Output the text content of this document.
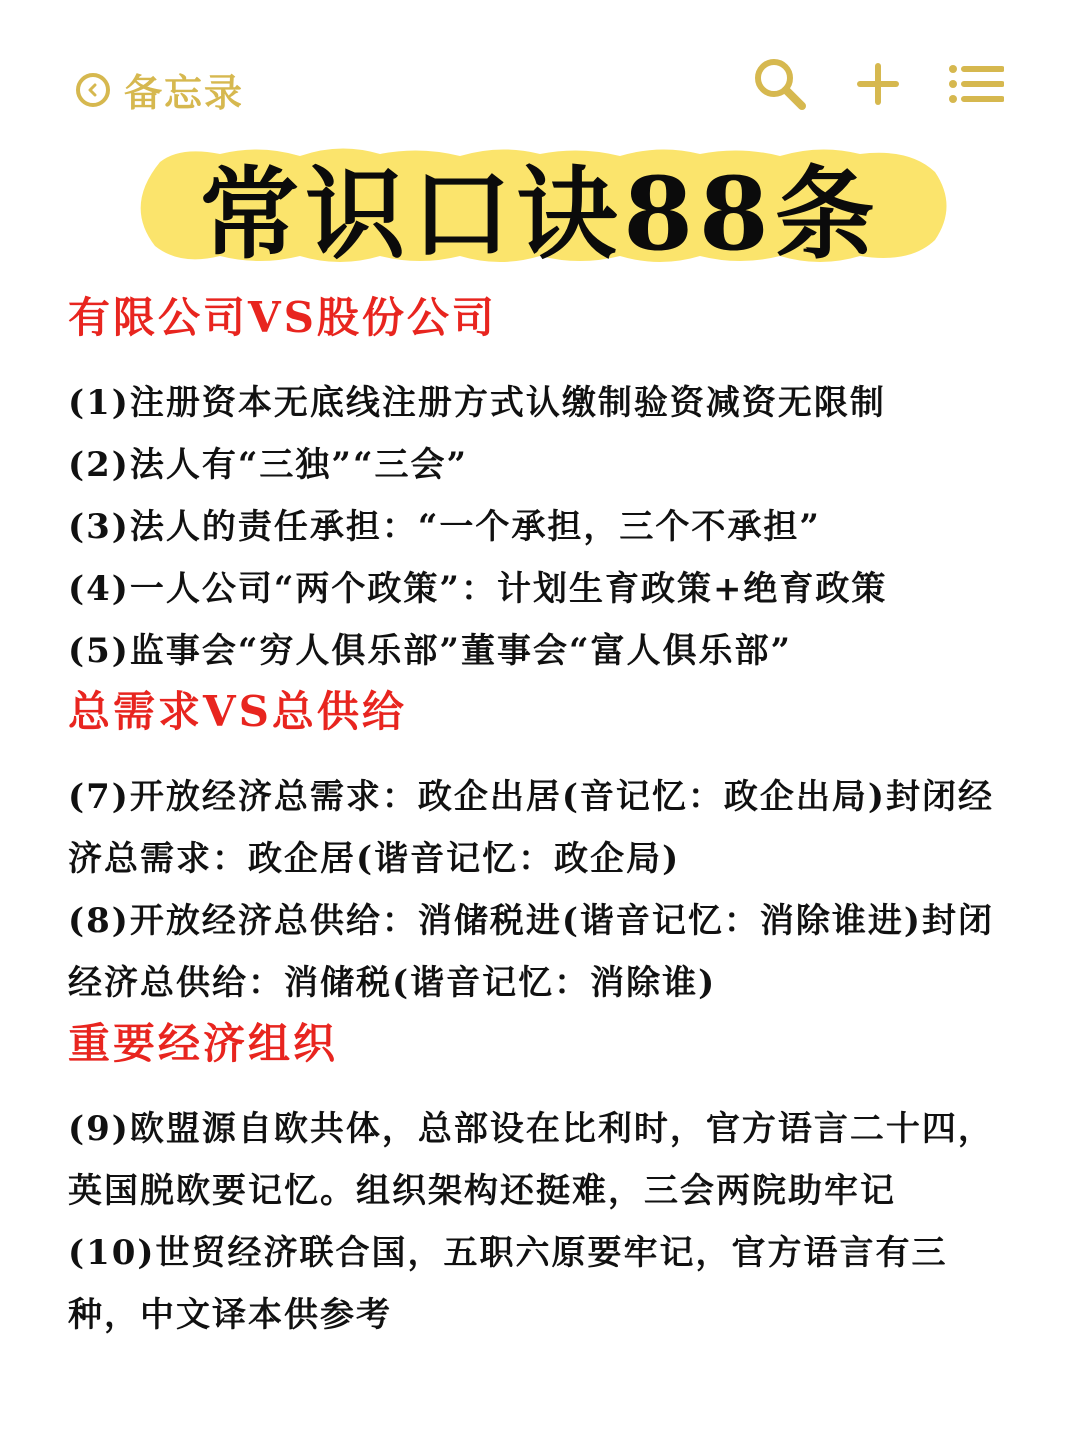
备忘录
常识口诀88条
有限公司VS股份公司
(1)注册资本无底线注册方式认缴制验资减资无限制
(2)法人有“三独”“三会”
(3)法人的责任承担：“一个承担，三个不承担”
(4)一人公司“两个政策”：计划生育政策+绝育政策
(5)监事会“穷人俱乐部”董事会“富人俱乐部”
总需求VS总供给
(7)开放经济总需求：政企出居(音记忆：政企出局)封闭经济总需求：政企居(谐音记忆：政企局)
(8)开放经济总供给：消储税进(谐音记忆：消除谁进)封闭经济总供给：消储税(谐音记忆：消除谁)
重要经济组织
(9)欧盟源自欧共体，总部设在比利时，官方语言二十四，英国脱欧要记忆。组织架构还挺难，三会两院助牢记
(10)世贸经济联合国，五职六原要牢记，官方语言有三种，中文译本供参考
